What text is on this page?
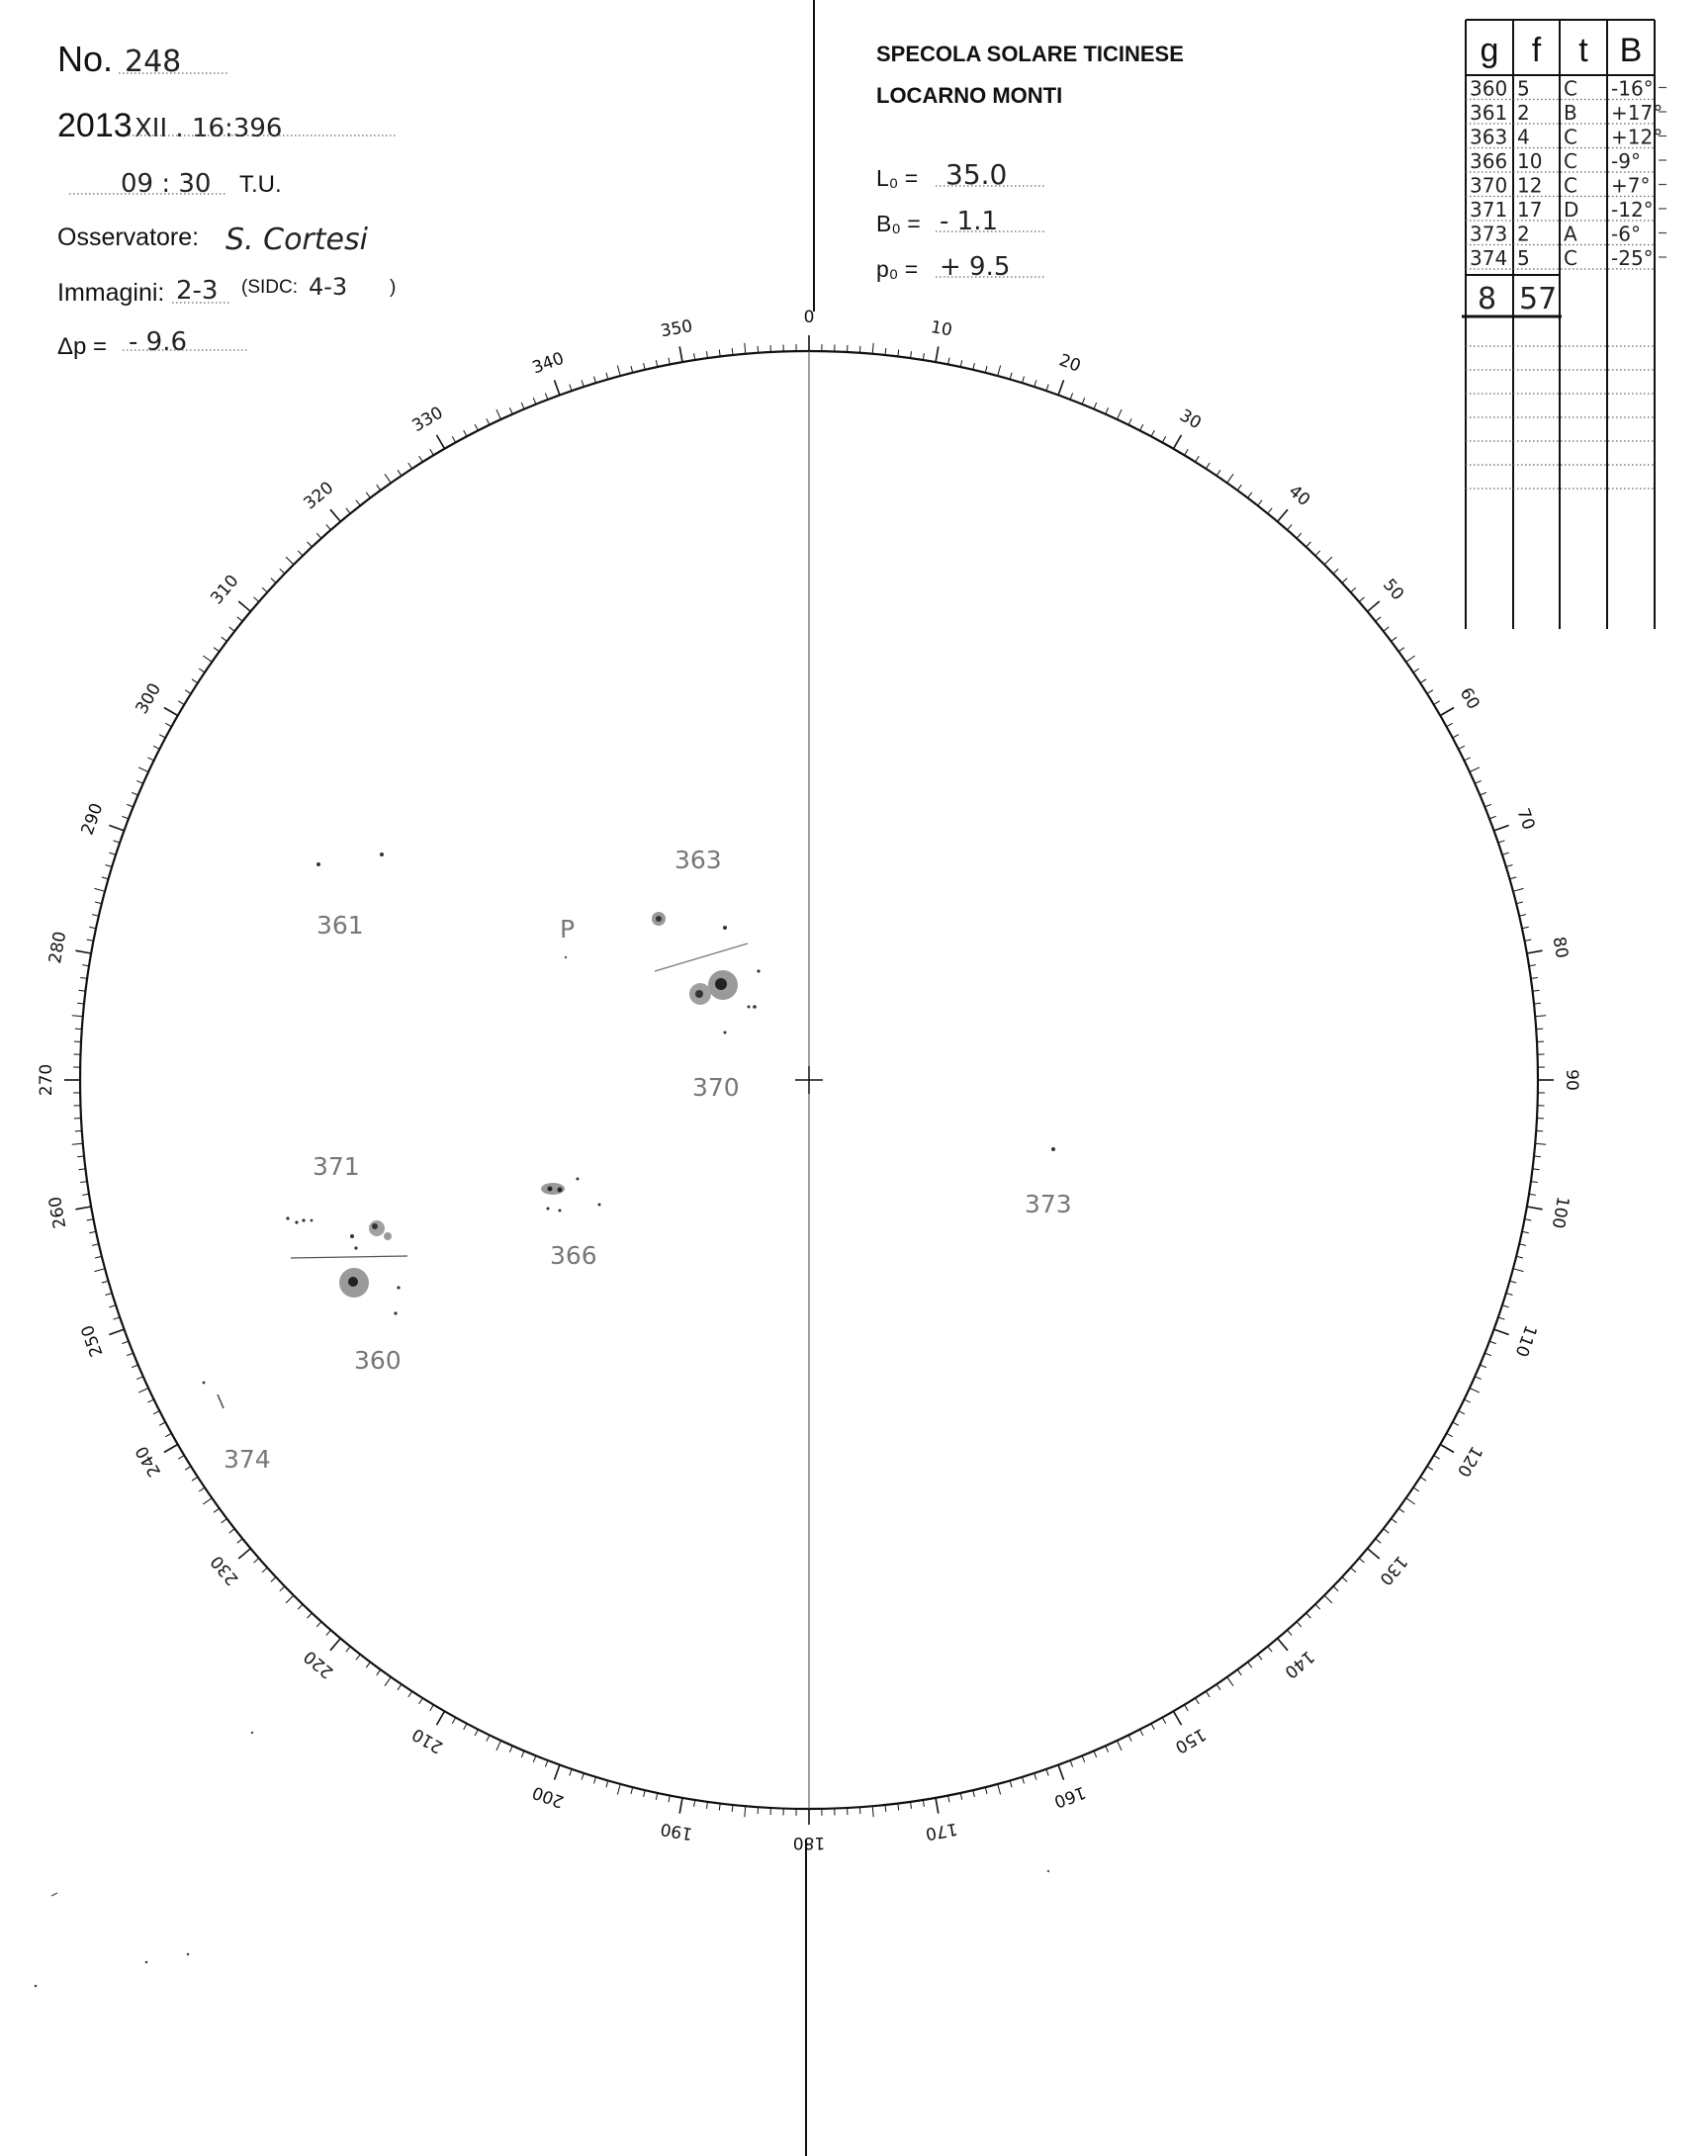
No. 248
2013 XII . 16:396
09 : 30 T.U.
Osservatore: S. Cortesi
Immagini: 2-3 (SIDC: 4-3 )
Δp = - 9.6
SPECOLA SOLARE TICINESE
LOCARNO MONTI
L₀ = 35.0
B₀ = - 1.1
p₀ = + 9.5
g f t B
360 5 C -16°
361 2 B +17°
363 4 C +12°
366 10 C -9°
370 12 C +7°
371 17 D -12°
373 2 A -6°
374 5 C -25°
8 57
0	10
20
30
40
50
60
70
80
90
100
110
120
130
140
150
160
170
180
190
200
210
220
230
240
250
260
270
280
290
300
310
320
330
340
350
363
361	P
370
371
366
373
360
374
